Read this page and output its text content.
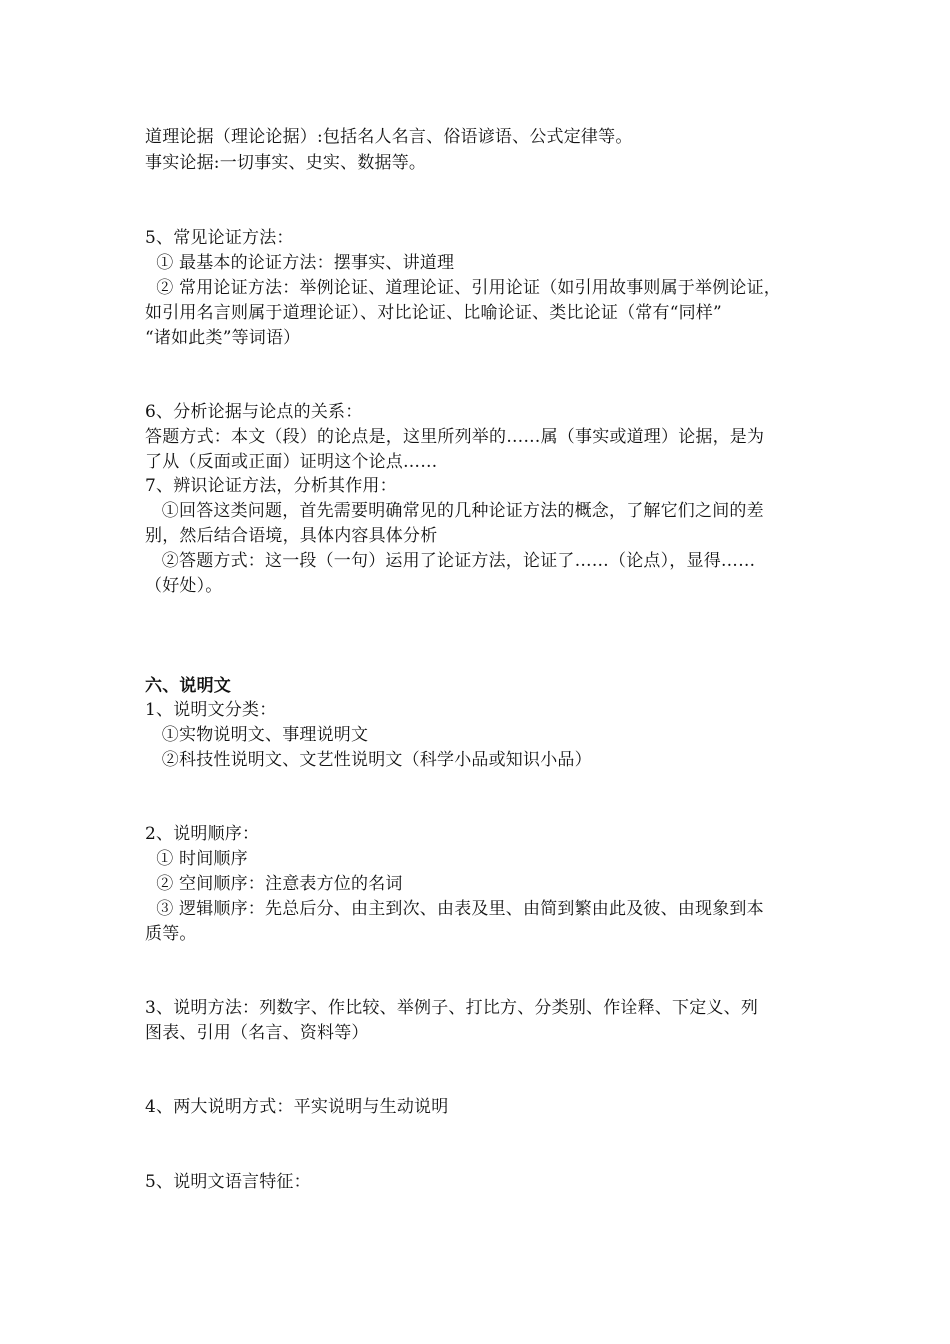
道理论据（理论论据）:包括名人名言、俗语谚语、公式定律等。
事实论据:一切事实、史实、数据等。
5、常见论证方法：
① 最基本的论证方法：摆事实、讲道理
② 常用论证方法：举例论证、道理论证、引用论证（如引用故事则属于举例论证，
如引用名言则属于道理论证）、对比论证、比喻论证、类比论证（常有“同样”
“诸如此类”等词语）
6、分析论据与论点的关系：
答题方式：本文（段）的论点是，这里所列举的……属（事实或道理）论据，是为
了从（反面或正面）证明这个论点……
7、辨识论证方法，分析其作用：
①回答这类问题，首先需要明确常见的几种论证方法的概念，了解它们之间的差
别，然后结合语境，具体内容具体分析
②答题方式：这一段（一句）运用了论证方法，论证了……（论点），显得……
（好处）。
六、说明文
1、说明文分类：
①实物说明文、事理说明文
②科技性说明文、文艺性说明文（科学小品或知识小品）
2、说明顺序：
① 时间顺序
② 空间顺序：注意表方位的名词
③ 逻辑顺序：先总后分、由主到次、由表及里、由简到繁由此及彼、由现象到本
质等。
3、说明方法：列数字、作比较、举例子、打比方、分类别、作诠释、下定义、列
图表、引用（名言、资料等）
4、两大说明方式：平实说明与生动说明
5、说明文语言特征：
